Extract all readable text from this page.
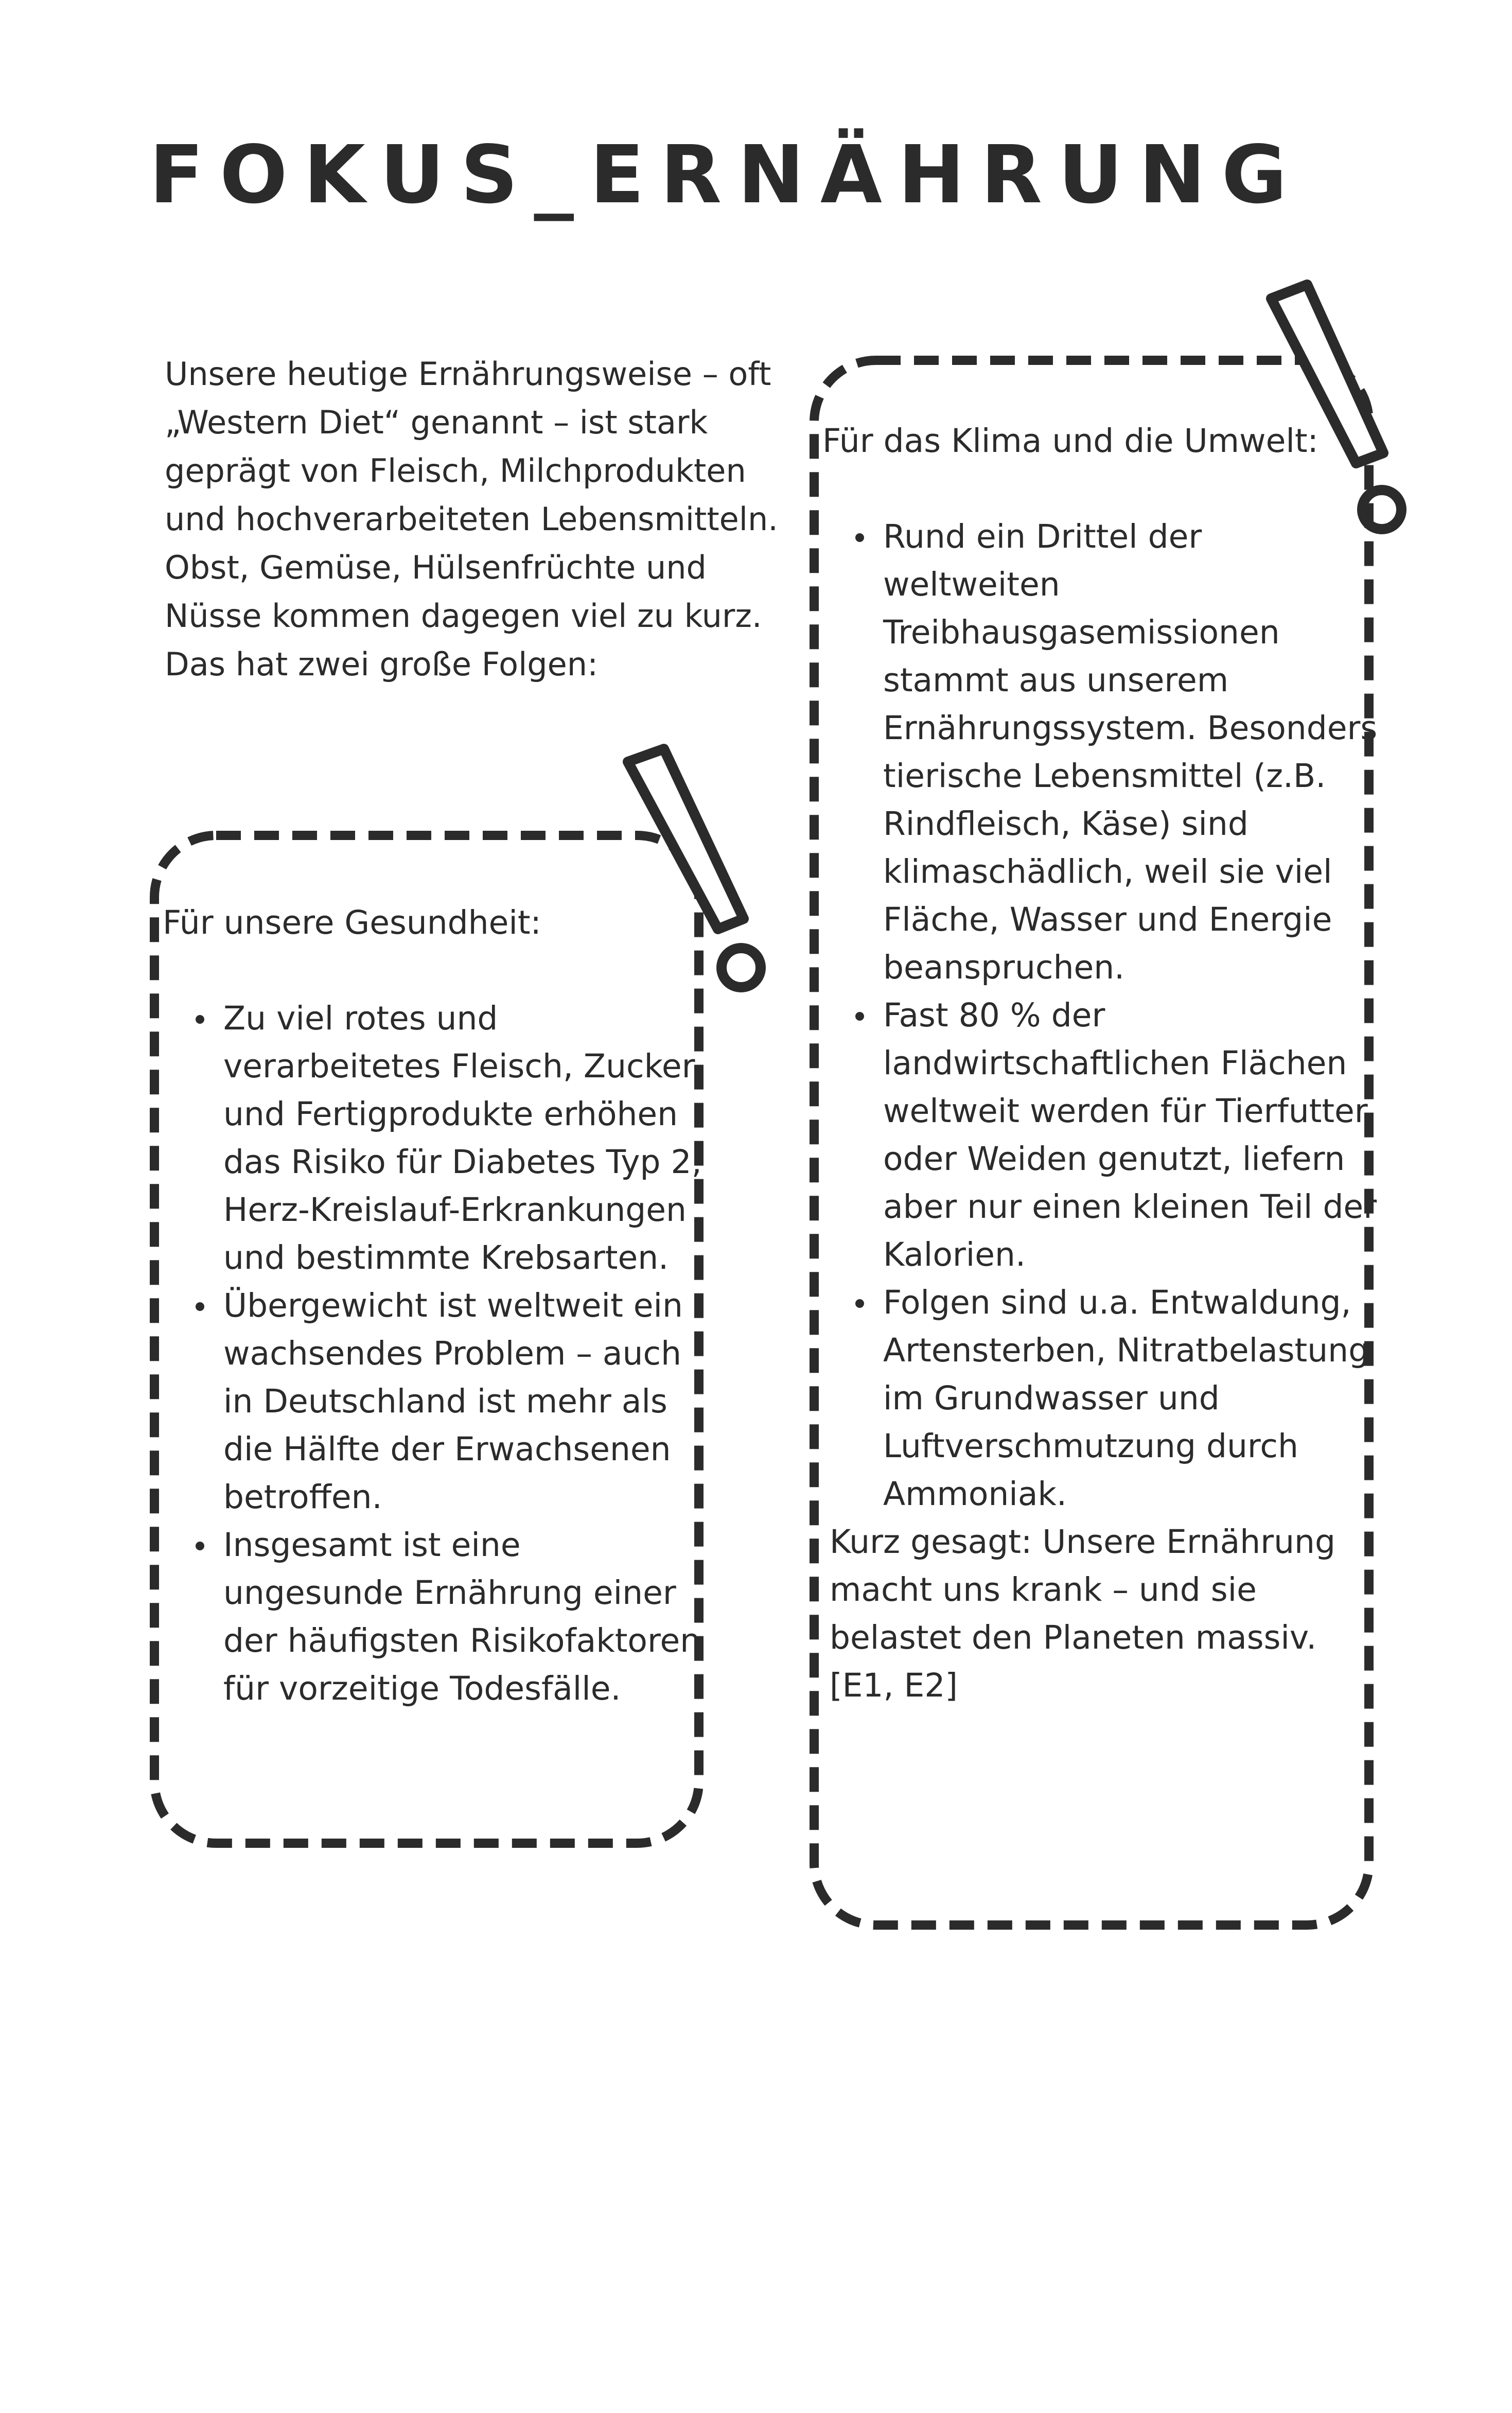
FOKUS_ERNÄHRUNG

Unsere heutige Ernährungsweise – oft „Western Diet“ genannt – ist stark geprägt von Fleisch, Milchprodukten und hochverarbeiteten Lebensmitteln. Obst, Gemüse, Hülsenfrüchte und Nüsse kommen dagegen viel zu kurz. Das hat zwei große Folgen:

Für unsere Gesundheit:

Zu viel rotes und verarbeitetes Fleisch, Zucker und Fertigprodukte erhöhen das Risiko für Diabetes Typ 2, Herz-Kreislauf-Erkrankungen und bestimmte Krebsarten.
Übergewicht ist weltweit ein wachsendes Problem – auch in Deutschland ist mehr als die Hälfte der Erwachsenen betroffen.
Insgesamt ist eine ungesunde Ernährung einer der häufigsten Risikofaktoren für vorzeitige Todesfälle.

Für das Klima und die Umwelt:

Rund ein Drittel der weltweiten Treibhausgasemissionen stammt aus unserem Ernährungssystem. Besonders tierische Lebensmittel (z.B. Rindfleisch, Käse) sind klimaschädlich, weil sie viel Fläche, Wasser und Energie beanspruchen.
Fast 80 % der landwirtschaftlichen Flächen weltweit werden für Tierfutter oder Weiden genutzt, liefern aber nur einen kleinen Teil der Kalorien.
Folgen sind u.a. Entwaldung, Artensterben, Nitratbelastung im Grundwasser und Luftverschmutzung durch Ammoniak.

Kurz gesagt: Unsere Ernährung macht uns krank – und sie belastet den Planeten massiv.

[E1, E2]
